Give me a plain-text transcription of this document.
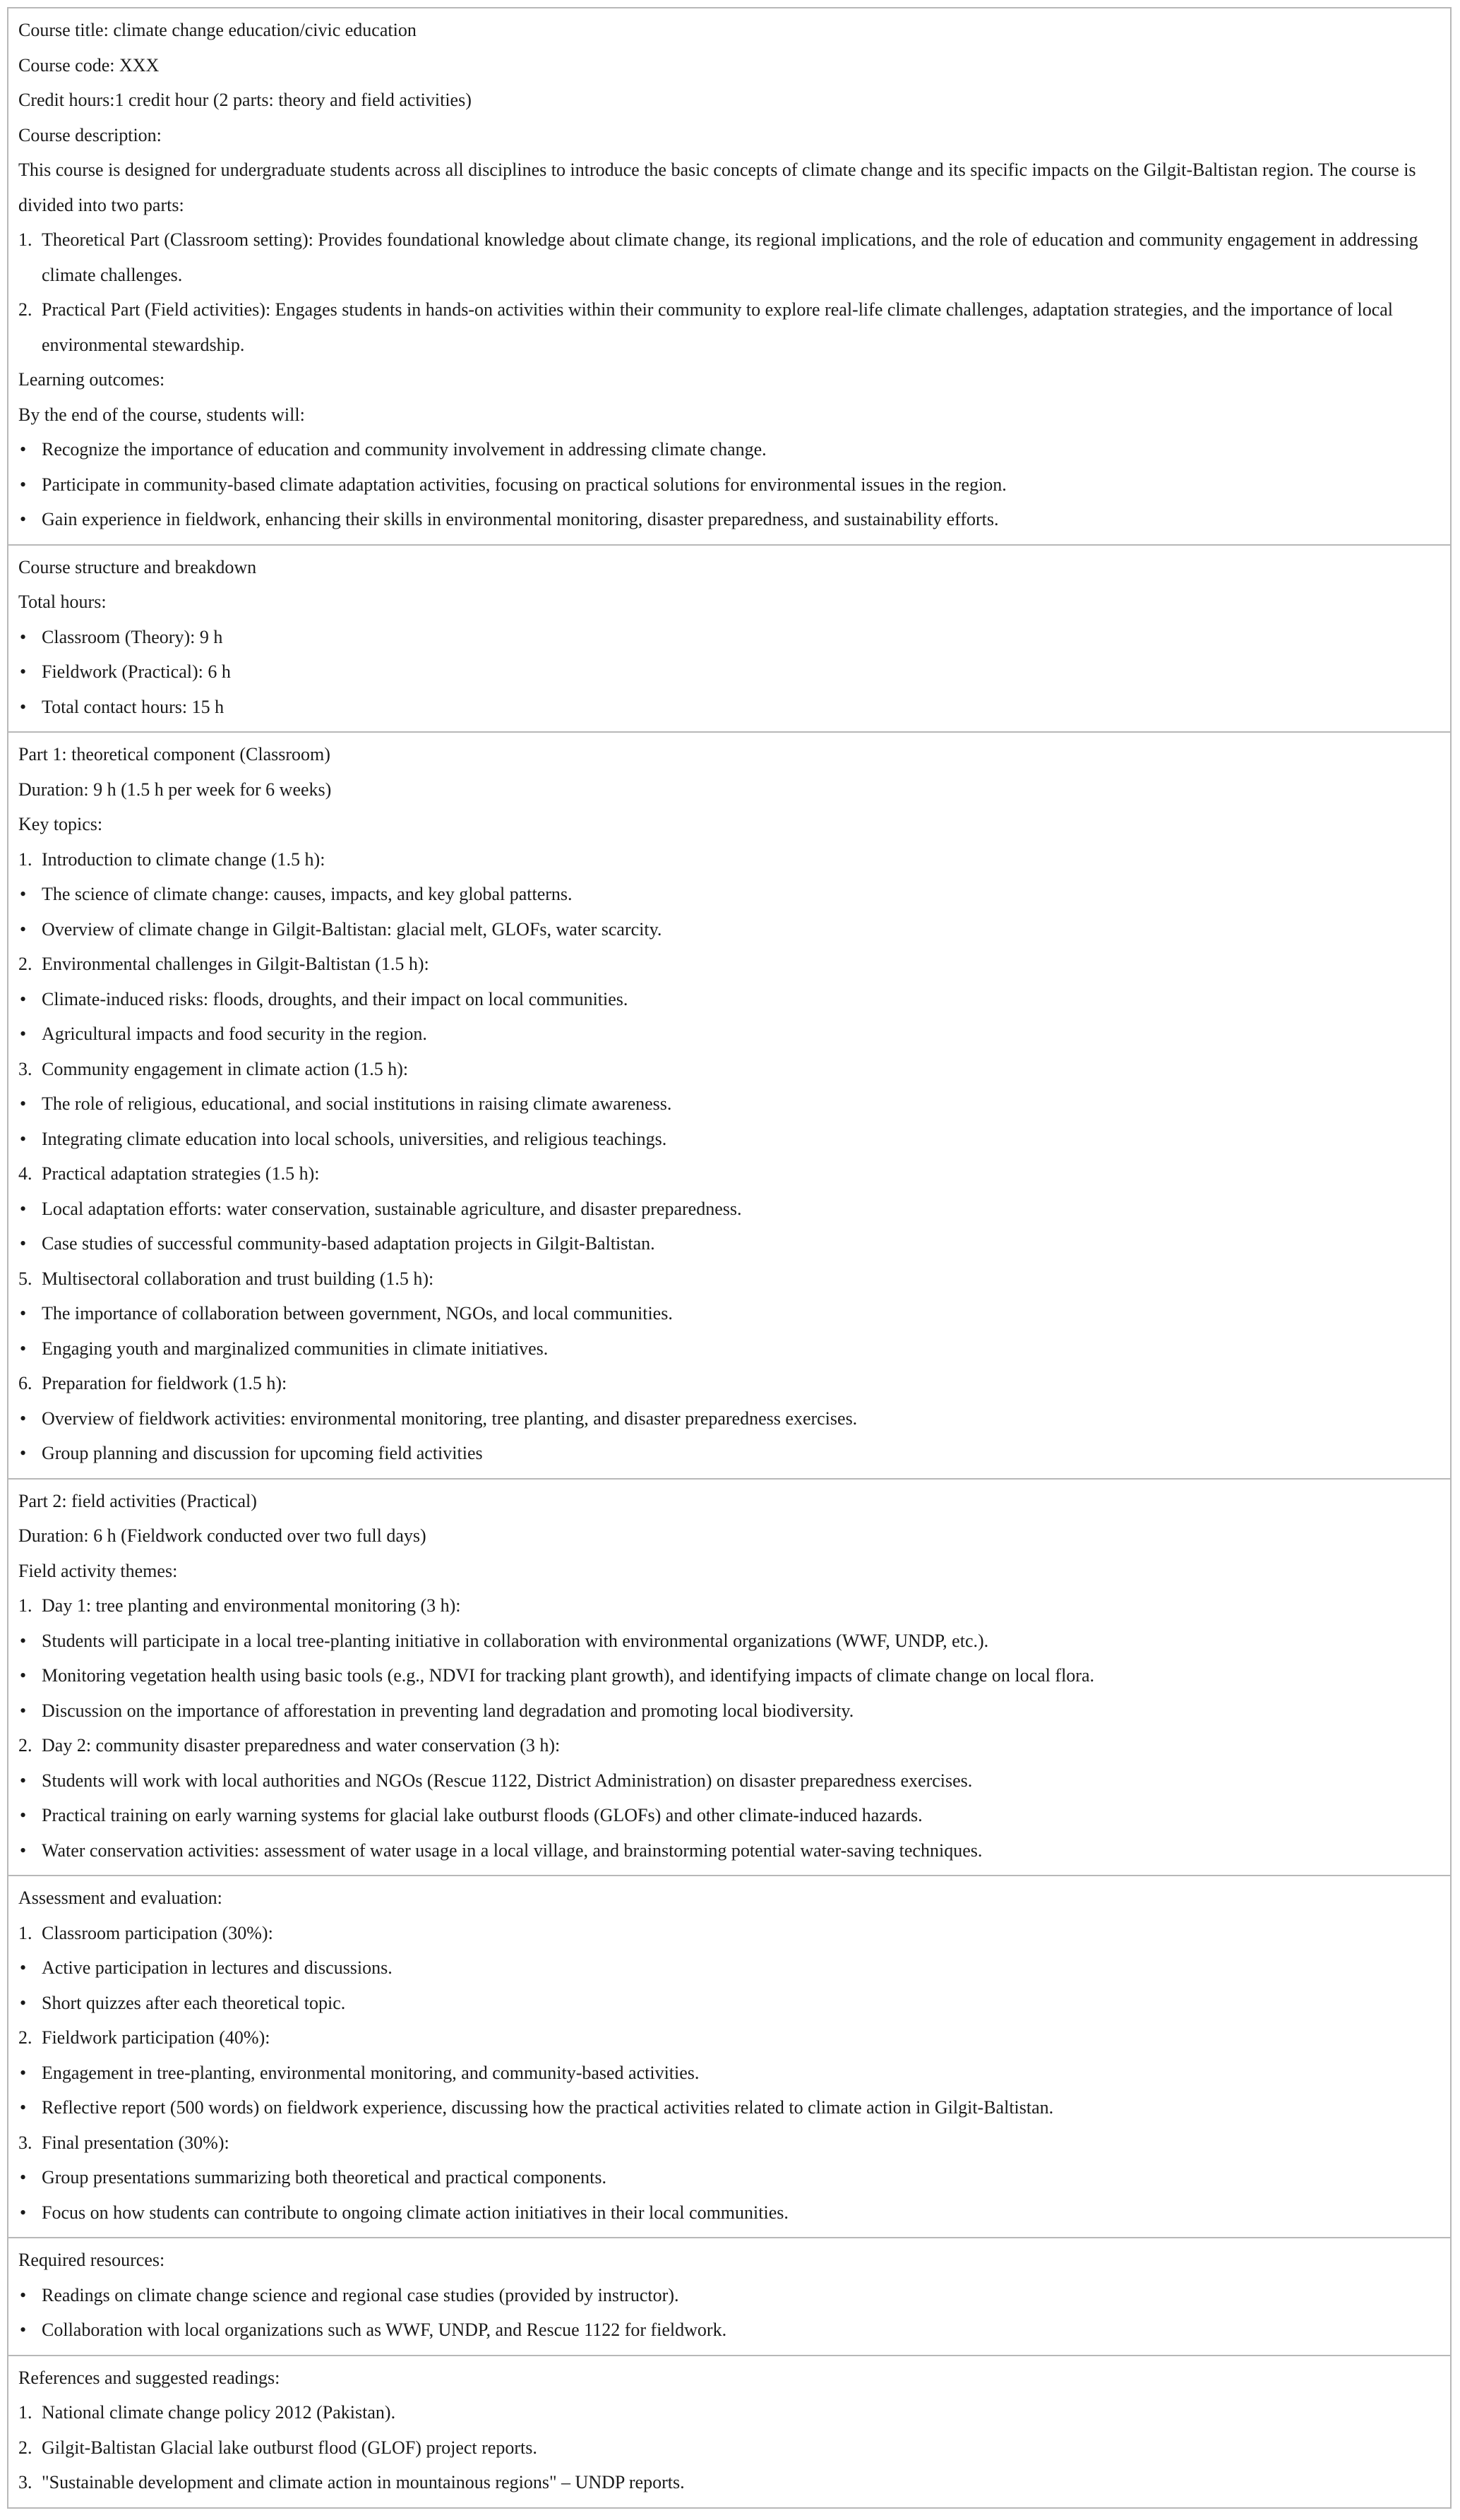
Course title: climate change education/civic education

Course code: XXX

Credit hours:1 credit hour (2 parts: theory and field activities)

Course description:

This course is designed for undergraduate students across all disciplines to introduce the basic concepts of climate change and its specific impacts on the Gilgit-Baltistan region. The course is divided into two parts:

1. Theoretical Part (Classroom setting): Provides foundational knowledge about climate change, its regional implications, and the role of education and community engagement in addressing climate challenges.
2. Practical Part (Field activities): Engages students in hands-on activities within their community to explore real-life climate challenges, adaptation strategies, and the importance of local environmental stewardship.

Learning outcomes:

By the end of the course, students will:

• Recognize the importance of education and community involvement in addressing climate change.
• Participate in community-based climate adaptation activities, focusing on practical solutions for environmental issues in the region.
• Gain experience in fieldwork, enhancing their skills in environmental monitoring, disaster preparedness, and sustainability efforts.

Course structure and breakdown

Total hours:

• Classroom (Theory): 9 h
• Fieldwork (Practical): 6 h
• Total contact hours: 15 h

Part 1: theoretical component (Classroom)

Duration: 9 h (1.5 h per week for 6 weeks)

Key topics:

1. Introduction to climate change (1.5 h):
• The science of climate change: causes, impacts, and key global patterns.
• Overview of climate change in Gilgit-Baltistan: glacial melt, GLOFs, water scarcity.
2. Environmental challenges in Gilgit-Baltistan (1.5 h):
• Climate-induced risks: floods, droughts, and their impact on local communities.
• Agricultural impacts and food security in the region.
3. Community engagement in climate action (1.5 h):
• The role of religious, educational, and social institutions in raising climate awareness.
• Integrating climate education into local schools, universities, and religious teachings.
4. Practical adaptation strategies (1.5 h):
• Local adaptation efforts: water conservation, sustainable agriculture, and disaster preparedness.
• Case studies of successful community-based adaptation projects in Gilgit-Baltistan.
5. Multisectoral collaboration and trust building (1.5 h):
• The importance of collaboration between government, NGOs, and local communities.
• Engaging youth and marginalized communities in climate initiatives.
6. Preparation for fieldwork (1.5 h):
• Overview of fieldwork activities: environmental monitoring, tree planting, and disaster preparedness exercises.
• Group planning and discussion for upcoming field activities

Part 2: field activities (Practical)

Duration: 6 h (Fieldwork conducted over two full days)

Field activity themes:

1. Day 1: tree planting and environmental monitoring (3 h):
• Students will participate in a local tree-planting initiative in collaboration with environmental organizations (WWF, UNDP, etc.).
• Monitoring vegetation health using basic tools (e.g., NDVI for tracking plant growth), and identifying impacts of climate change on local flora.
• Discussion on the importance of afforestation in preventing land degradation and promoting local biodiversity.
2. Day 2: community disaster preparedness and water conservation (3 h):
• Students will work with local authorities and NGOs (Rescue 1122, District Administration) on disaster preparedness exercises.
• Practical training on early warning systems for glacial lake outburst floods (GLOFs) and other climate-induced hazards.
• Water conservation activities: assessment of water usage in a local village, and brainstorming potential water-saving techniques.

Assessment and evaluation:

1. Classroom participation (30%):
• Active participation in lectures and discussions.
• Short quizzes after each theoretical topic.
2. Fieldwork participation (40%):
• Engagement in tree-planting, environmental monitoring, and community-based activities.
• Reflective report (500 words) on fieldwork experience, discussing how the practical activities related to climate action in Gilgit-Baltistan.
3. Final presentation (30%):
• Group presentations summarizing both theoretical and practical components.
• Focus on how students can contribute to ongoing climate action initiatives in their local communities.

Required resources:

• Readings on climate change science and regional case studies (provided by instructor).
• Collaboration with local organizations such as WWF, UNDP, and Rescue 1122 for fieldwork.

References and suggested readings:

1. National climate change policy 2012 (Pakistan).
2. Gilgit-Baltistan Glacial lake outburst flood (GLOF) project reports.
3. "Sustainable development and climate action in mountainous regions" – UNDP reports.
